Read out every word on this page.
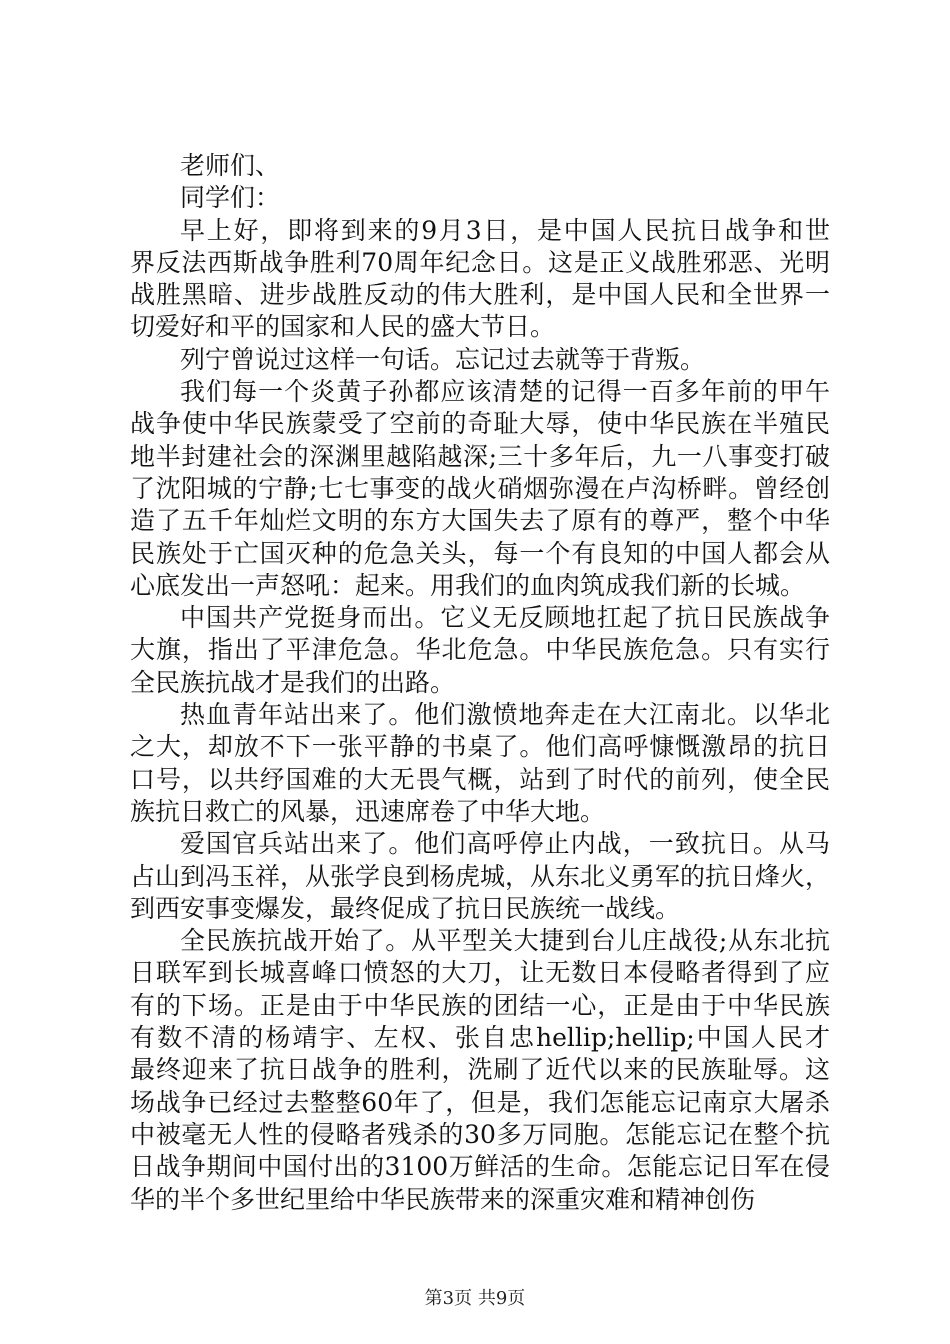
老师们、
同学们：
早上好，即将到来的9月3日，是中国人民抗日战争和世
界反法西斯战争胜利70周年纪念日。这是正义战胜邪恶、光明
战胜黑暗、进步战胜反动的伟大胜利，是中国人民和全世界一
切爱好和平的国家和人民的盛大节日。
列宁曾说过这样一句话。忘记过去就等于背叛。
我们每一个炎黄子孙都应该清楚的记得一百多年前的甲午
战争使中华民族蒙受了空前的奇耻大辱，使中华民族在半殖民
地半封建社会的深渊里越陷越深;三十多年后，九一八事变打破
了沈阳城的宁静;七七事变的战火硝烟弥漫在卢沟桥畔。曾经创
造了五千年灿烂文明的东方大国失去了原有的尊严，整个中华
民族处于亡国灭种的危急关头，每一个有良知的中国人都会从
心底发出一声怒吼：起来。用我们的血肉筑成我们新的长城。
中国共产党挺身而出。它义无反顾地扛起了抗日民族战争
大旗，指出了平津危急。华北危急。中华民族危急。只有实行
全民族抗战才是我们的出路。
热血青年站出来了。他们激愤地奔走在大江南北。以华北
之大，却放不下一张平静的书桌了。他们高呼慷慨激昂的抗日
口号，以共纾国难的大无畏气概，站到了时代的前列，使全民
族抗日救亡的风暴，迅速席卷了中华大地。
爱国官兵站出来了。他们高呼停止内战，一致抗日。从马
占山到冯玉祥，从张学良到杨虎城，从东北义勇军的抗日烽火，
到西安事变爆发，最终促成了抗日民族统一战线。
全民族抗战开始了。从平型关大捷到台儿庄战役;从东北抗
日联军到长城喜峰口愤怒的大刀，让无数日本侵略者得到了应
有的下场。正是由于中华民族的团结一心，正是由于中华民族
有数不清的杨靖宇、左权、张自忠hellip;hellip;中国人民才
最终迎来了抗日战争的胜利，洗刷了近代以来的民族耻辱。这
场战争已经过去整整60年了，但是，我们怎能忘记南京大屠杀
中被毫无人性的侵略者残杀的30多万同胞。怎能忘记在整个抗
日战争期间中国付出的3100万鲜活的生命。怎能忘记日军在侵
华的半个多世纪里给中华民族带来的深重灾难和精神创伤
第3页 共9页
